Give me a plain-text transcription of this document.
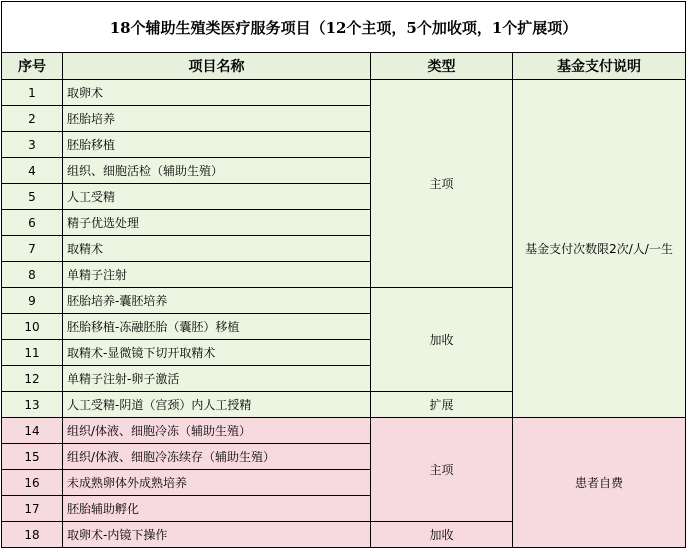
18个辅助生殖类医疗服务项目（12个主项，5个加收项，1个扩展项）			
序号	项目名称	类型	基金支付说明
1	取卵术	主项	基金支付次数限2次/人/一生
2	胚胎培养		
3	胚胎移植		
4	组织、细胞活检（辅助生殖）		
5	人工受精		
6	精子优选处理		
7	取精术		
8	单精子注射		
9	胚胎培养-囊胚培养	加收	
10	胚胎移植-冻融胚胎（囊胚）移植		
11	取精术-显微镜下切开取精术		
12	单精子注射-卵子激活		
13	人工受精-阴道（宫颈）内人工授精	扩展	
14	组织/体液、细胞冷冻（辅助生殖）	主项	患者自费
15	组织/体液、细胞冷冻续存（辅助生殖）		
16	未成熟卵体外成熟培养		
17	胚胎辅助孵化		
18	取卵术-内镜下操作	加收	
